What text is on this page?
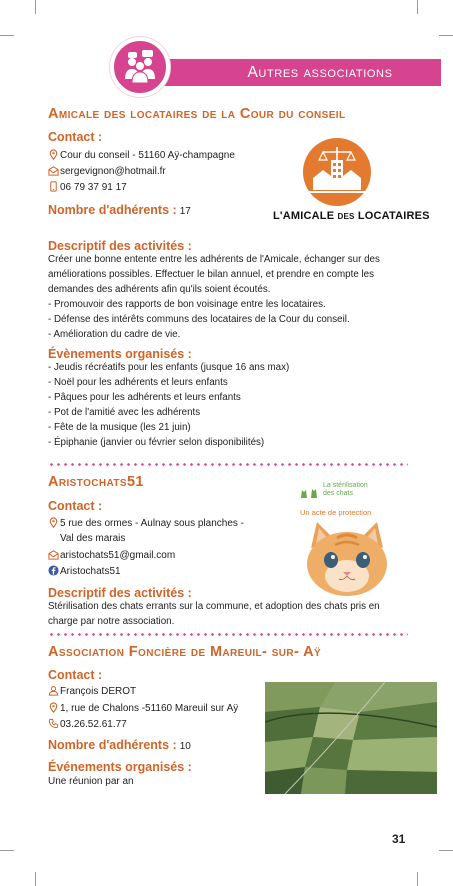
Autres associations
Amicale des locataires de la Cour du conseil
Contact :
Cour du conseil - 51160 Aÿ-champagne
sergevignon@hotmail.fr
06 79 37 91 17
Nombre d'adhérents : 17	L'AMICALE DES LOCATAIRES
Descriptif des activités :
Créer une bonne entente entre les adhérents de l'Amicale, échanger sur des
améliorations possibles. Effectuer le bilan annuel, et prendre en compte les
demandes des adhérents afin qu'ils soient écoutés.
- Promouvoir des rapports de bon voisinage entre les locataires.
- Défense des intérêts communs des locataires de la Cour du conseil.
- Amélioration du cadre de vie.
Évènements organisés :
- Jeudis récréatifs pour les enfants (jusque 16 ans max)
- Noël pour les adhérents et leurs enfants
- Pâques pour les adhérents et leurs enfants
- Pot de l'amitié avec les adhérents
- Fête de la musique (les 21 juin)
- Épiphanie (janvier ou février selon disponibilités)
Aristochats51
Contact :
5 rue des ormes - Aulnay sous planches -
Val des marais
aristochats51@gmail.com
Aristochats51
La stérilisation
des chats
Un acte de protection
Descriptif des activités :
Stérilisation des chats errants sur la commune, et adoption des chats pris en
charge par notre association.
Association Foncière de Mareuil- sur- Aÿ
Contact :
François DEROT
1, rue de Chalons -51160 Mareuil sur Aÿ
03.26.52.61.77
Nombre d'adhérents : 10
Événements organisés :
Une réunion par an
31
